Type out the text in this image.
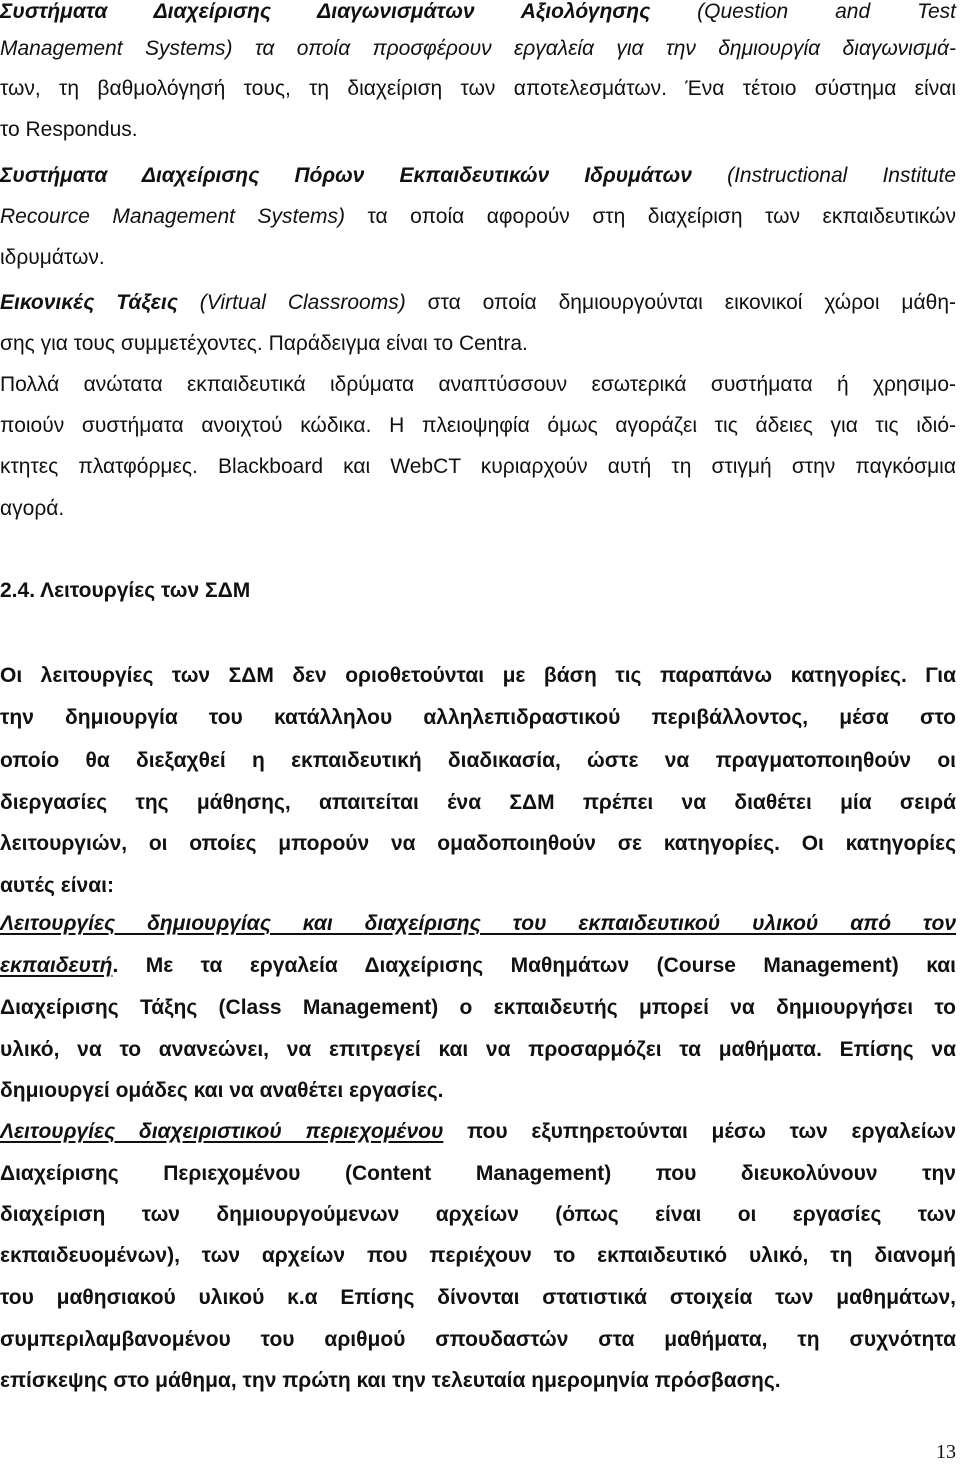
Συστήματα Διαχείρισης Διαγωνισμάτων Αξιολόγησης (Question and Test
Management Systems) τα οποία προσφέρουν εργαλεία για την δημιουργία διαγωνισμά-
των, τη βαθμολόγησή τους, τη διαχείριση των αποτελεσμάτων. Ένα τέτοιο σύστημα είναι
το Respondus.
Συστήματα Διαχείρισης Πόρων Εκπαιδευτικών Ιδρυμάτων (Instructional Institute
Recource Management Systems) τα οποία αφορούν στη διαχείριση των εκπαιδευτικών
ιδρυμάτων.
Εικονικές Τάξεις (Virtual Classrooms) στα οποία δημιουργούνται εικονικοί χώροι μάθη-
σης για τους συμμετέχοντες. Παράδειγμα είναι το Centra.
Πολλά ανώτατα εκπαιδευτικά ιδρύματα αναπτύσσουν εσωτερικά συστήματα ή χρησιμο-
ποιούν συστήματα ανοιχτού κώδικα. Η πλειοψηφία όμως αγοράζει τις άδειες για τις ιδιό-
κτητες πλατφόρμες. Blackboard και WebCT κυριαρχούν αυτή τη στιγμή στην παγκόσμια
αγορά.
2.4. Λειτουργίες των ΣΔΜ
Οι λειτουργίες των ΣΔΜ δεν οριοθετούνται με βάση τις παραπάνω κατηγορίες. Για
την δημιουργία του κατάλληλου αλληλεπιδραστικού περιβάλλοντος, μέσα στο
οποίο θα διεξαχθεί η εκπαιδευτική διαδικασία, ώστε να πραγματοποιηθούν οι
διεργασίες της μάθησης, απαιτείται ένα ΣΔΜ πρέπει να διαθέτει μία σειρά
λειτουργιών, οι οποίες μπορούν να ομαδοποιηθούν σε κατηγορίες. Οι κατηγορίες
αυτές είναι:
Λειτουργίες δημιουργίας και διαχείρισης του εκπαιδευτικού υλικού από τον
εκπαιδευτή. Με τα εργαλεία Διαχείρισης Μαθημάτων (Course Management) και
Διαχείρισης Τάξης (Class Management) ο εκπαιδευτής μπορεί να δημιουργήσει το
υλικό, να το ανανεώνει, να επιτρεγεί και να προσαρμόζει τα μαθήματα. Επίσης να
δημιουργεί ομάδες και να αναθέτει εργασίες.
Λειτουργίες διαχειριστικού περιεχομένου που εξυπηρετούνται μέσω των εργαλείων
Διαχείρισης Περιεχομένου (Content Management) που διευκολύνουν την
διαχείριση των δημιουργούμενων αρχείων (όπως είναι οι εργασίες των
εκπαιδευομένων), των αρχείων που περιέχουν το εκπαιδευτικό υλικό, τη διανομή
του μαθησιακού υλικού κ.α Επίσης δίνονται στατιστικά στοιχεία των μαθημάτων,
συμπεριλαμβανομένου του αριθμού σπουδαστών στα μαθήματα, τη συχνότητα
επίσκεψης στο μάθημα, την πρώτη και την τελευταία ημερομηνία πρόσβασης.
13
